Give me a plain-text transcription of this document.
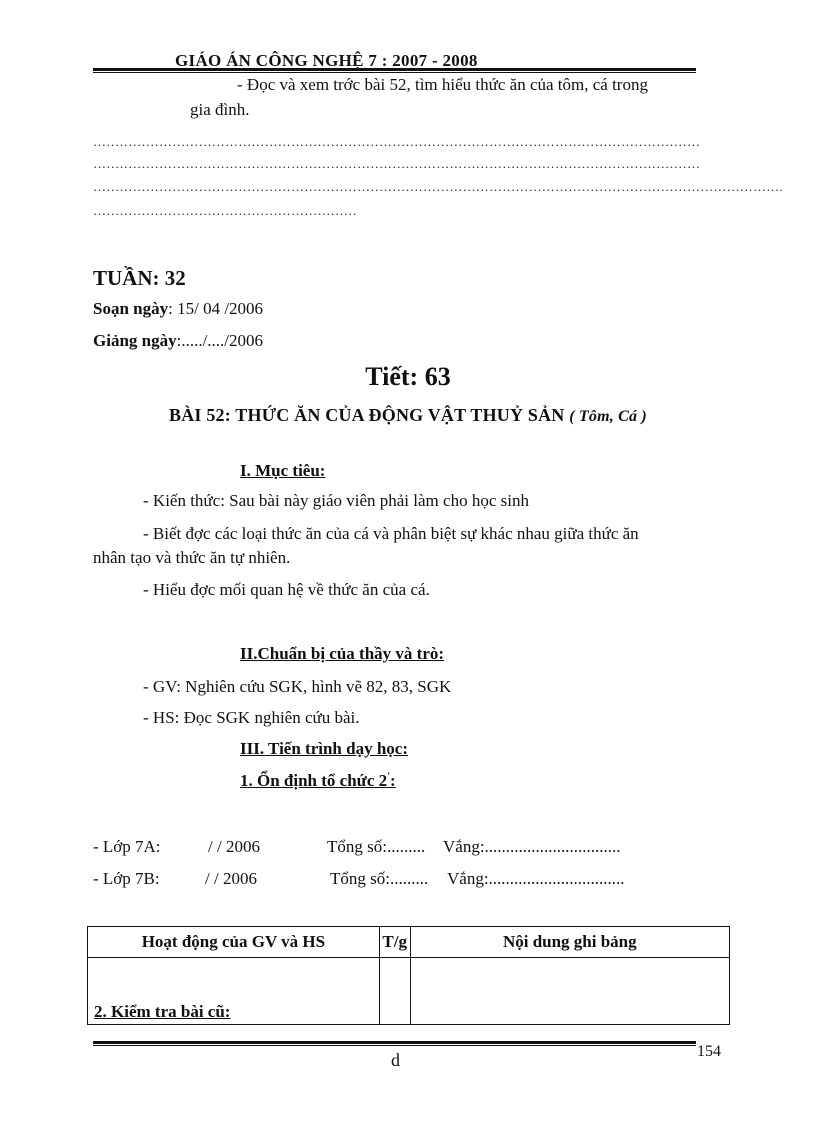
GIÁO ÁN CÔNG NGHỆ 7 : 2007 - 2008
- Đọc và xem trớc bài 52, tìm hiểu thức ăn của tôm, cá trong
gia đình.
…………………………………………………………………………………………………………………………
…………………………………………………………………………………………………………………………
………………………………………………………………………………………………………………………………………….
……………………………………………………
TUẦN: 32
Soạn ngày: 15/ 04 /2006
Giảng ngày:...../..../2006
Tiết: 63
BÀI 52: THỨC ĂN CỦA ĐỘNG VẬT THUỶ SẢN ( Tôm, Cá )
I. Mục tiêu:
- Kiến thức: Sau bài này giáo viên phải làm cho học sinh
- Biết đợc các loại thức ăn của cá và phân biệt sự khác nhau giữa thức ăn
nhân tạo và thức ăn tự nhiên.
- Hiểu đợc mối quan hệ về thức ăn của cá.
II.Chuẩn bị của thầy và trò:
- GV: Nghiên cứu SGK, hình vẽ 82, 83, SGK
- HS: Đọc SGK nghiên cứu bài.
III. Tiến trình dạy học:
1. Ổn định tổ chức 2':
- Lớp 7A:	/ / 2006	Tổng số:......... Vắng:................................
- Lớp 7B:	/ / 2006	Tổng số:......... Vắng:................................
Hoạt động của GV và HS	T/g	Nội dung ghi bảng
2. Kiểm tra bài cũ:		
d	154
